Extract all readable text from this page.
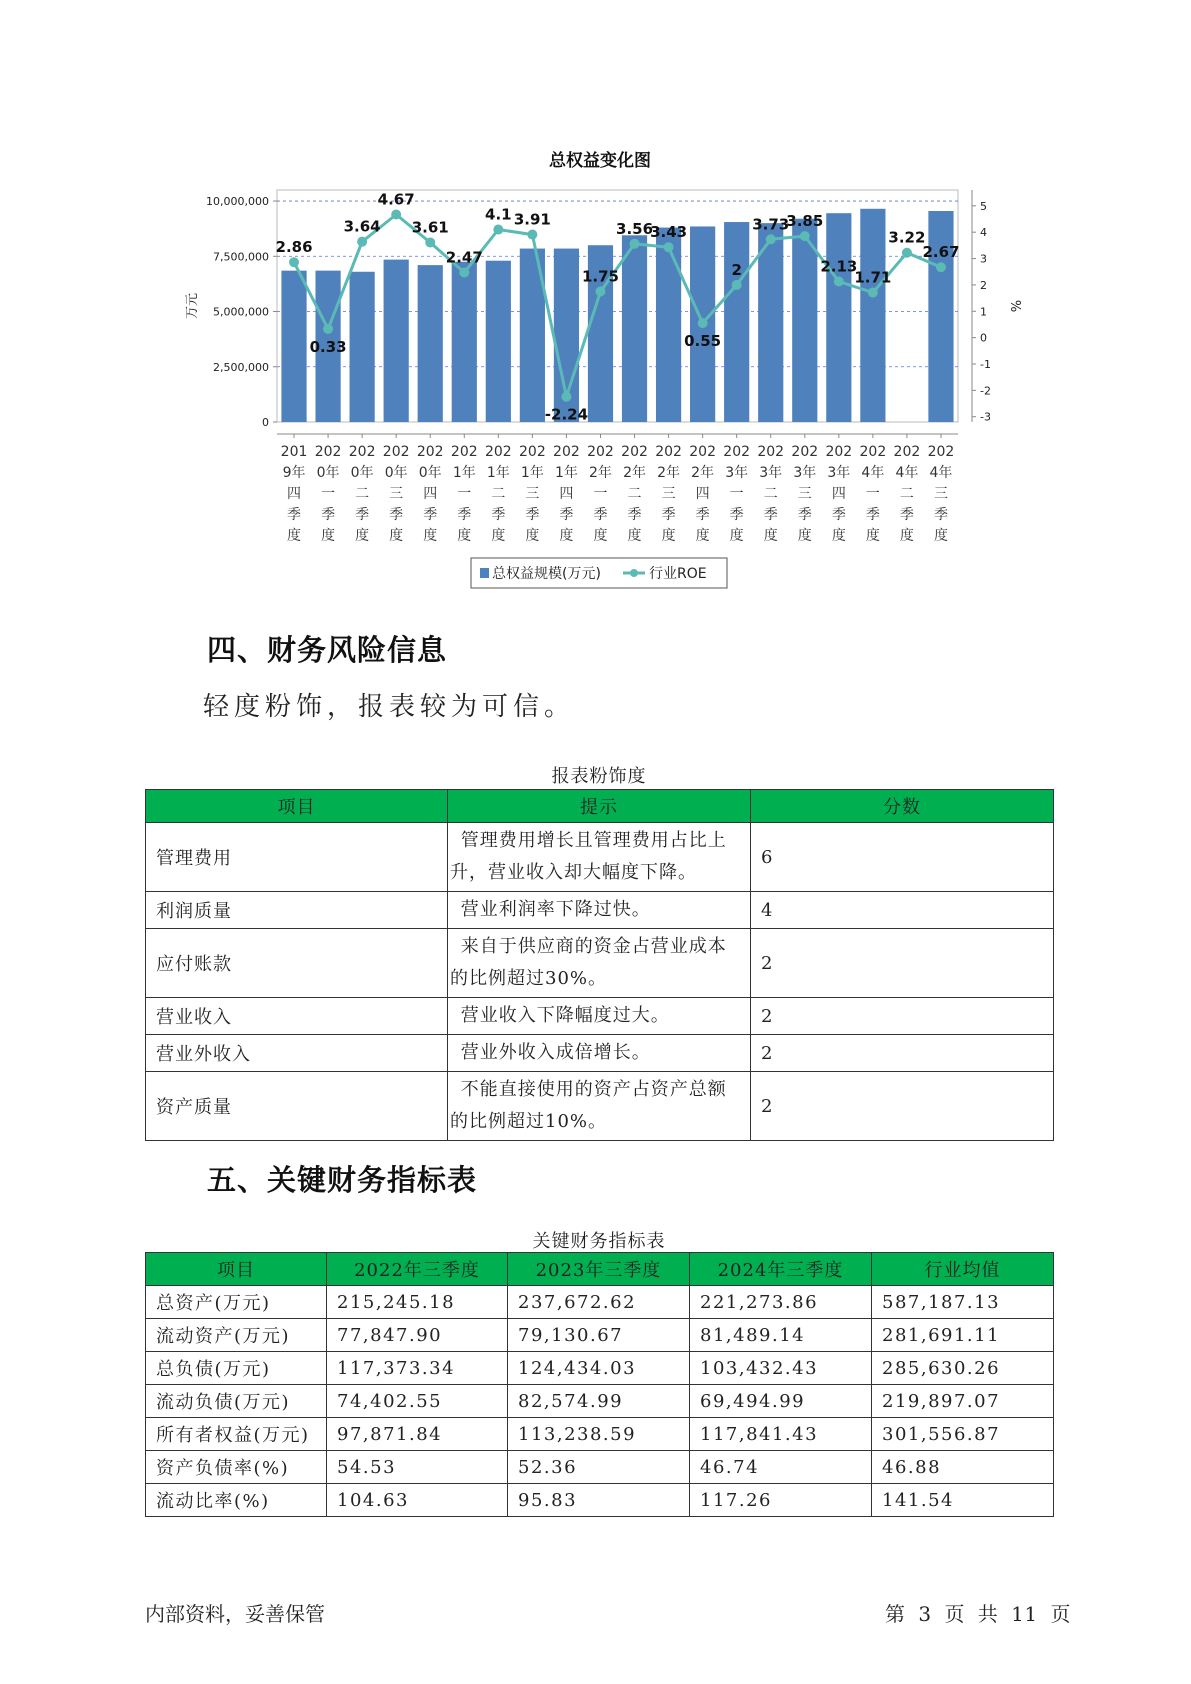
总权益变化图
2.86
0.33
3.64
4.67
3.61
2.47
4.1 3.91
-2.24
1.75
3.56
3.43
0.55
2
3.73
3.85
2.13
1.71
3.22
2.67
0
2,500,000
5,000,000
7,500,000
10,000,000
-3
-2
-1
0
1
2
3
4
5
万元	%
201
9年
四
季
度
202
0年
一
季
度
202
0年
二
季
度
202
0年
三
季
度
202
0年
四
季
度
202
1年
一
季
度
202
1年
二
季
度
202
1年
三
季
度
202
1年
四
季
度
202
2年
一
季
度
202
2年
二
季
度
202
2年
三
季
度
202
2年
四
季
度
202
3年
一
季
度
202
3年
二
季
度
202
3年
三
季
度
202
3年
四
季
度
202
4年
一
季
度
202
4年
二
季
度
202
4年
三
季
度
总权益规模(万元)	行业ROE
四、财务风险信息
轻度粉饰，报表较为可信。
报表粉饰度
项目	提示	分数
管理费用	管理费用增长且管理费用占比上升，营业收入却大幅度下降。	6
利润质量	营业利润率下降过快。	4
应付账款	来自于供应商的资金占营业成本的比例超过30%。	2
营业收入	营业收入下降幅度过大。	2
营业外收入	营业外收入成倍增长。	2
资产质量	不能直接使用的资产占资产总额的比例超过10%。	2
五、关键财务指标表
关键财务指标表
项目	2022年三季度	2023年三季度	2024年三季度	行业均值
总资产(万元)	215,245.18	237,672.62	221,273.86	587,187.13
流动资产(万元)	77,847.90	79,130.67	81,489.14	281,691.11
总负债(万元)	117,373.34	124,434.03	103,432.43	285,630.26
流动负债(万元)	74,402.55	82,574.99	69,494.99	219,897.07
所有者权益(万元)	97,871.84	113,238.59	117,841.43	301,556.87
资产负债率(%)	54.53	52.36	46.74	46.88
流动比率(%)	104.63	95.83	117.26	141.54
内部资料，妥善保管	第 3 页 共 11 页
